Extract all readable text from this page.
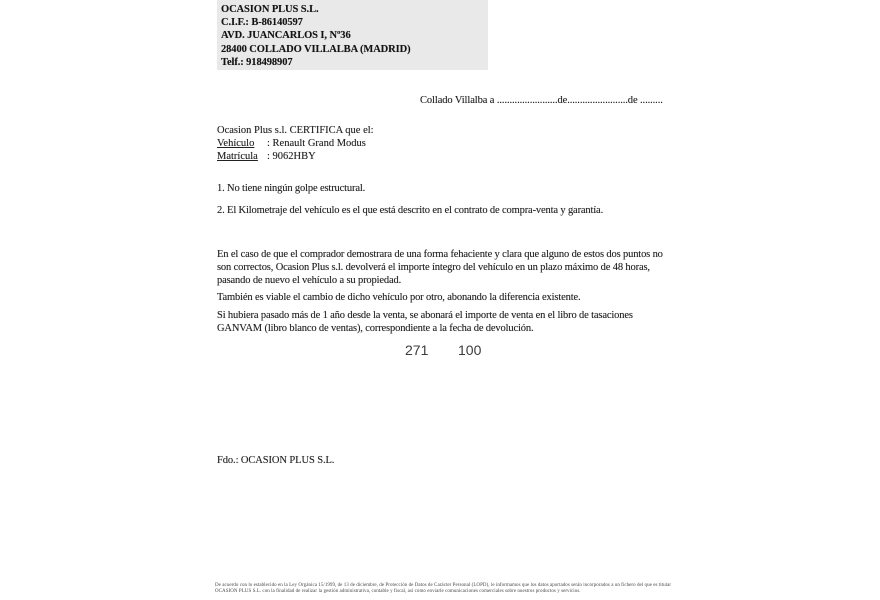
OCASION PLUS S.L.
C.I.F.: B-86140597
AVD. JUANCARLOS I, Nº36
28400 COLLADO VILLALBA (MADRID)
Telf.: 918498907
Collado Villalba a ........................de........................de .........
Ocasion Plus s.l. CERTIFICA que el:
Vehículo : Renault Grand Modus
Matrícula : 9062HBY

1. No tiene ningún golpe estructural.

2. El Kilometraje del vehículo es el que está descrito en el contrato de compra-venta y garantía.

En el caso de que el comprador demostrara de una forma fehaciente y clara que alguno de estos dos puntos no son correctos, Ocasion Plus s.l. devolverá el importe íntegro del vehículo en un plazo máximo de 48 horas, pasando de nuevo el vehículo a su propiedad.

También es viable el cambio de dicho vehículo por otro, abonando la diferencia existente.

Si hubiera pasado más de 1 año desde la venta, se abonará el importe de venta en el libro de tasaciones GANVAM (libro blanco de ventas), correspondiente a la fecha de devolución.

271 100
Fdo.: OCASION PLUS S.L.
De acuerdo con lo establecido en la Ley Orgánica 15/1999, de 13 de diciembre, de Protección de Datos de Carácter Personal (LOPD), le informamos que los datos aportados serán incorporados a un fichero del que es titular OCASION PLUS S.L. con la finalidad de realizar la gestión administrativa, contable y fiscal, así como enviarle comunicaciones comerciales sobre nuestros productos y servicios.
